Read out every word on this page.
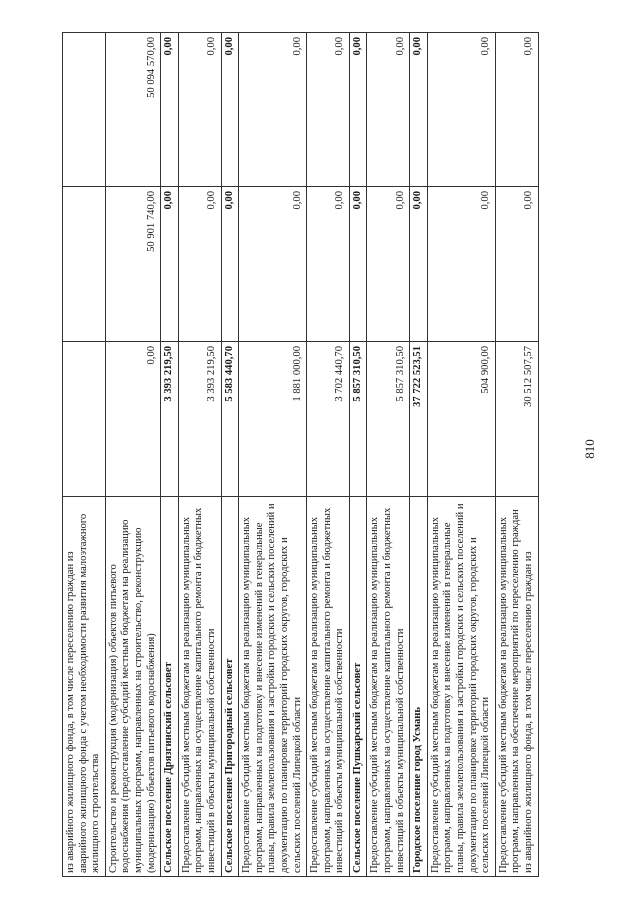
810
из аварийного жилищного фонда, в том числе переселению граждан из аварийного жилищного фонда с учетом необходимости развития малоэтажного жилищного строительства			
Строительство и реконструкция (модернизация) объектов питьевого водоснабжения (предоставление субсидий местным бюджетам на реализацию муниципальных программ, направленных на строительство, реконструкцию (модернизацию) объектов питьевого водоснабжения)	0,00	50 901 740,00	50 094 570,00
Сельское поселение Дрязгинский сельсовет	3 393 219,50	0,00	0,00
Предоставление субсидий местным бюджетам на реализацию муниципальных программ, направленных на осуществление капитального ремонта и бюджетных инвестиций в объекты муниципальной собственности	3 393 219,50	0,00	0,00
Сельское поселение Пригородный сельсовет	5 583 440,70	0,00	0,00
Предоставление субсидий местным бюджетам на реализацию муниципальных программ, направленных на подготовку и внесение изменений в генеральные планы, правила землепользования и застройки городских и сельских поселений и документацию по планировке территорий городских округов, городских и сельских поселений Липецкой области	1 881 000,00	0,00	0,00
Предоставление субсидий местным бюджетам на реализацию муниципальных программ, направленных на осуществление капитального ремонта и бюджетных инвестиций в объекты муниципальной собственности	3 702 440,70	0,00	0,00
Сельское поселение Пушкарский сельсовет	5 857 310,50	0,00	0,00
Предоставление субсидий местным бюджетам на реализацию муниципальных программ, направленных на осуществление капитального ремонта и бюджетных инвестиций в объекты муниципальной собственности	5 857 310,50	0,00	0,00
Городское поселение город Усмань	37 722 523,51	0,00	0,00
Предоставление субсидий местным бюджетам на реализацию муниципальных программ, направленных на подготовку и внесение изменений в генеральные планы, правила землепользования и застройки городских и сельских поселений и документацию по планировке территорий городских округов, городских и сельских поселений Липецкой области	504 900,00	0,00	0,00
Предоставление субсидий местным бюджетам на реализацию муниципальных программ, направленных на обеспечение мероприятий по переселению граждан из аварийного жилищного фонда, в том числе переселению граждан из	30 512 507,57	0,00	0,00
